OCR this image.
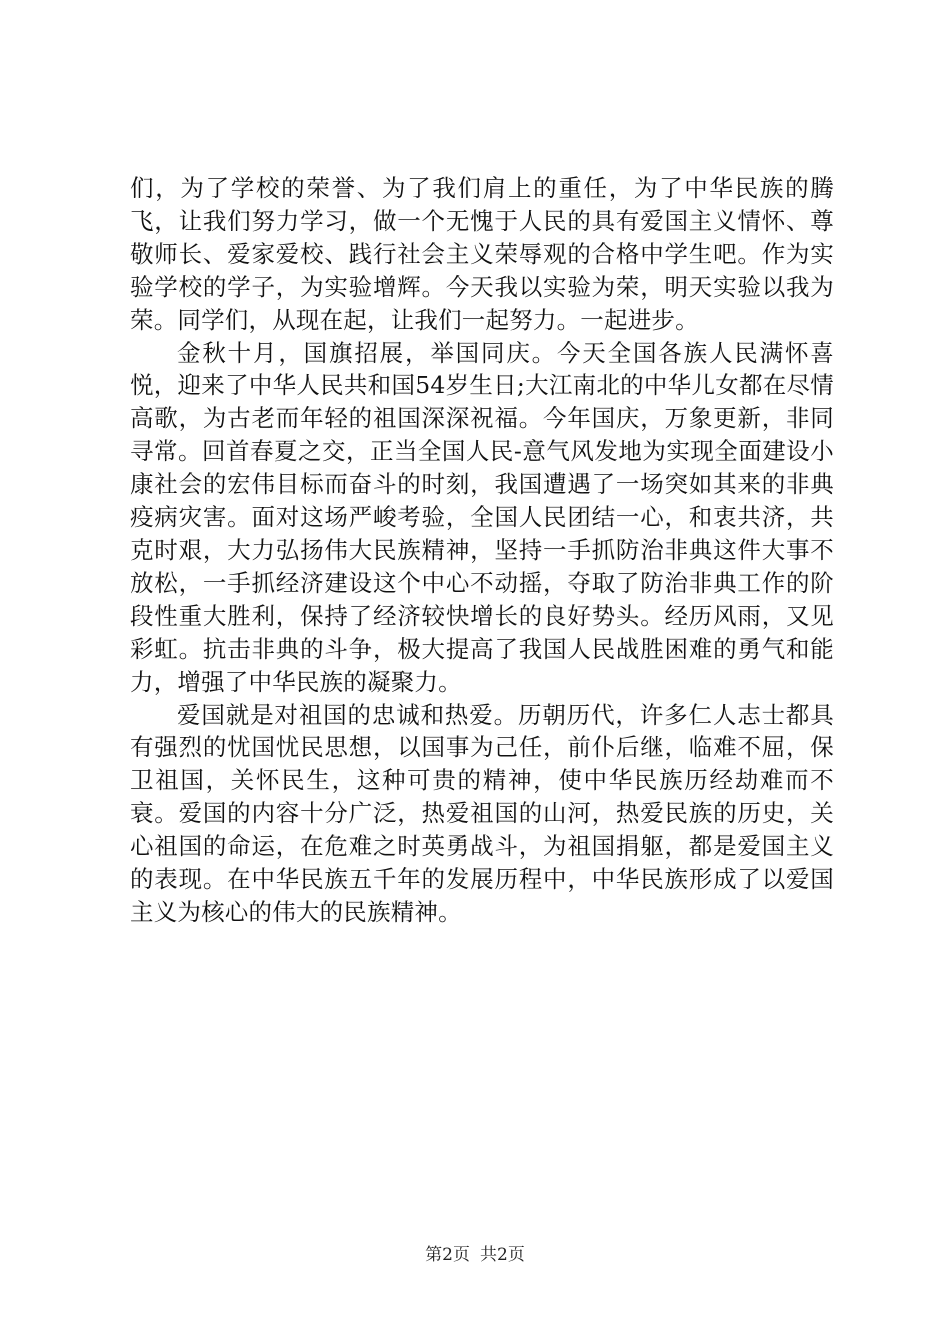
们，为了学校的荣誉、为了我们肩上的重任，为了中华民族的腾飞，让我们努力学习，做一个无愧于人民的具有爱国主义情怀、尊敬师长、爱家爱校、践行社会主义荣辱观的合格中学生吧。作为实验学校的学子，为实验增辉。今天我以实验为荣，明天实验以我为荣。同学们，从现在起，让我们一起努力。一起进步。

金秋十月，国旗招展，举国同庆。今天全国各族人民满怀喜悦，迎来了中华人民共和国54岁生日;大江南北的中华儿女都在尽情高歌，为古老而年轻的祖国深深祝福。今年国庆，万象更新，非同寻常。回首春夏之交，正当全国人民-意气风发地为实现全面建设小康社会的宏伟目标而奋斗的时刻，我国遭遇了一场突如其来的非典疫病灾害。面对这场严峻考验，全国人民团结一心，和衷共济，共克时艰，大力弘扬伟大民族精神，坚持一手抓防治非典这件大事不放松，一手抓经济建设这个中心不动摇，夺取了防治非典工作的阶段性重大胜利，保持了经济较快增长的良好势头。经历风雨，又见彩虹。抗击非典的斗争，极大提高了我国人民战胜困难的勇气和能力，增强了中华民族的凝聚力。

爱国就是对祖国的忠诚和热爱。历朝历代，许多仁人志士都具有强烈的忧国忧民思想，以国事为己任，前仆后继，临难不屈，保卫祖国，关怀民生，这种可贵的精神，使中华民族历经劫难而不衰。爱国的内容十分广泛，热爱祖国的山河，热爱民族的历史，关心祖国的命运，在危难之时英勇战斗，为祖国捐躯，都是爱国主义的表现。在中华民族五千年的发展历程中，中华民族形成了以爱国主义为核心的伟大的民族精神。

第2页 共2页
